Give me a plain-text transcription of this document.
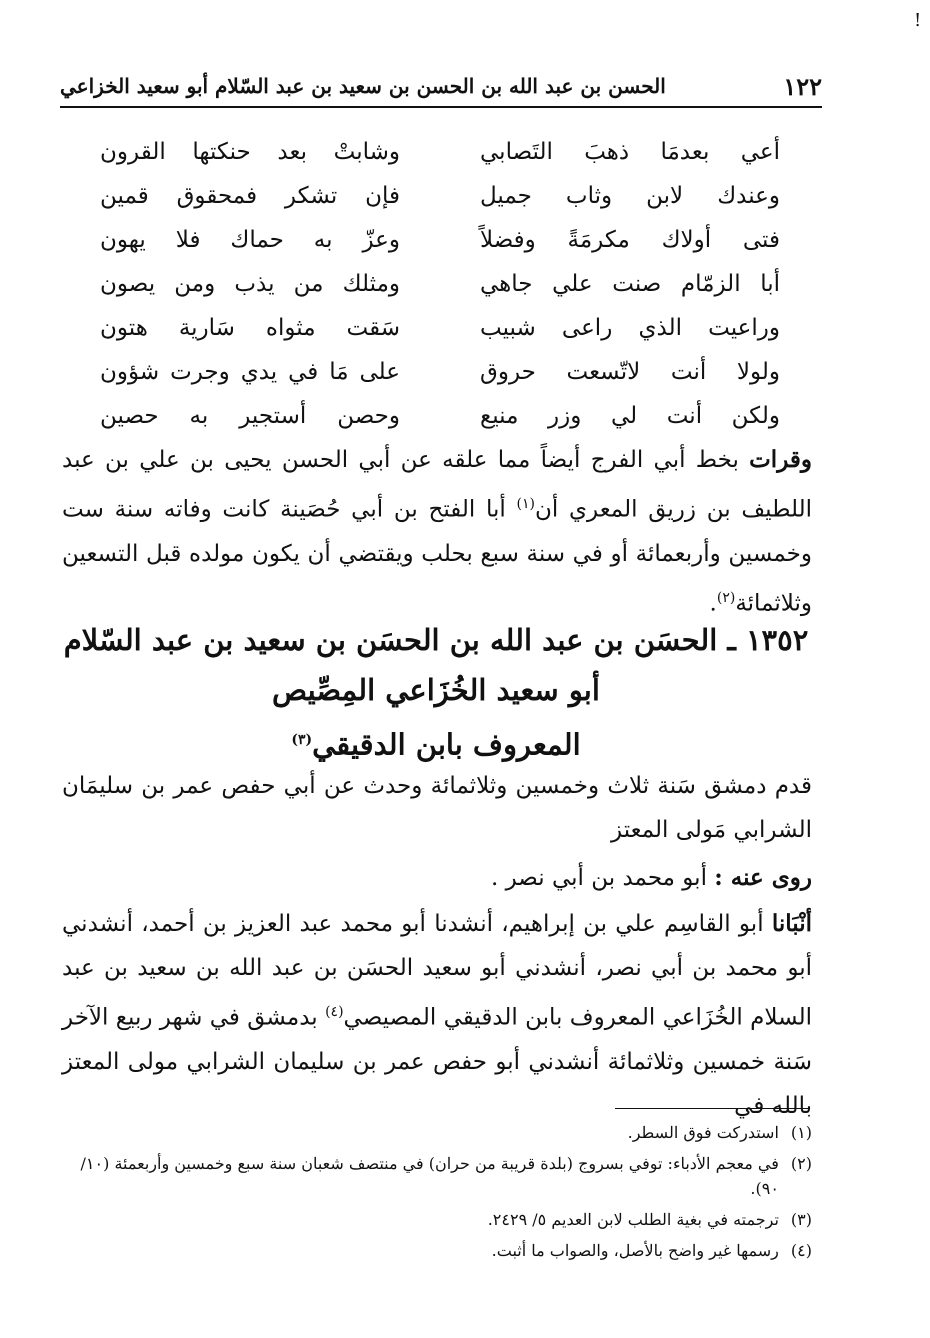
!
١٢٢
الحسن بن عبد الله بن الحسن بن سعيد بن عبد السّلام أبو سعيد الخزاعي
أعي بعدمَا ذهبَ التَصابي
وشابتْ بعد حنكتها القرون
وعندك لابن وثاب جميل
فإن تشكر فمحقوق قمين
فتى أولاك مكرمَةً وفضلاً
وعزّ به حماك فلا يهون
أبا الزمّام صنت علي جاهي
ومثلك من يذب ومن يصون
وراعيت الذي راعى شبيب
سَقت مثواه سَارية هتون
ولولا أنت لاتّسعت حروق
على مَا في يدي وجرت شؤون
ولكن أنت لي وزر منيع
وحصن أستجير به حصين
وقرات بخط أبي الفرج أيضاً مما علقه عن أبي الحسن يحيى بن علي بن عبد اللطيف بن زريق المعري أن$^{(١)}$ أبا الفتح بن أبي حُصَينة كانت وفاته سنة ست وخمسين وأربعمائة أو في سنة سبع بحلب ويقتضي أن يكون مولده قبل التسعين وثلاثمائة$^{(٢)}$.
١٣٥٢ ـ الحسَن بن عبد الله بن الحسَن بن سعيد بن عبد السّلام
أبو سعيد الخُزَاعي المِصِّيص
المعروف بابن الدقيقي$^{(٣)}$
قدم دمشق سَنة ثلاث وخمسين وثلاثمائة وحدث عن أبي حفص عمر بن سليمَان الشرابي مَولى المعتز
روى عنه : أبو محمد بن أبي نصر .
أنْبَانا أبو القاسِم علي بن إبراهيم، أنشدنا أبو محمد عبد العزيز بن أحمد، أنشدني أبو محمد بن أبي نصر، أنشدني أبو سعيد الحسَن بن عبد الله بن سعيد بن عبد السلام الخُزَاعي المعروف بابن الدقيقي المصيصي$^{(٤)}$ بدمشق في شهر ربيع الآخر سَنة خمسين وثلاثمائة أنشدني أبو حفص عمر بن سليمان الشرابي مولى المعتز بالله في
(١)
استدركت فوق السطر.
(٢)
في معجم الأدباء: توفي بسروج (بلدة قريبة من حران) في منتصف شعبان سنة سبع وخمسين وأربعمئة (١٠/ ٩٠).
(٣)
ترجمته في بغية الطلب لابن العديم ٥/ ٢٤٢٩.
(٤)
رسمها غير واضح بالأصل، والصواب ما أثبت.
